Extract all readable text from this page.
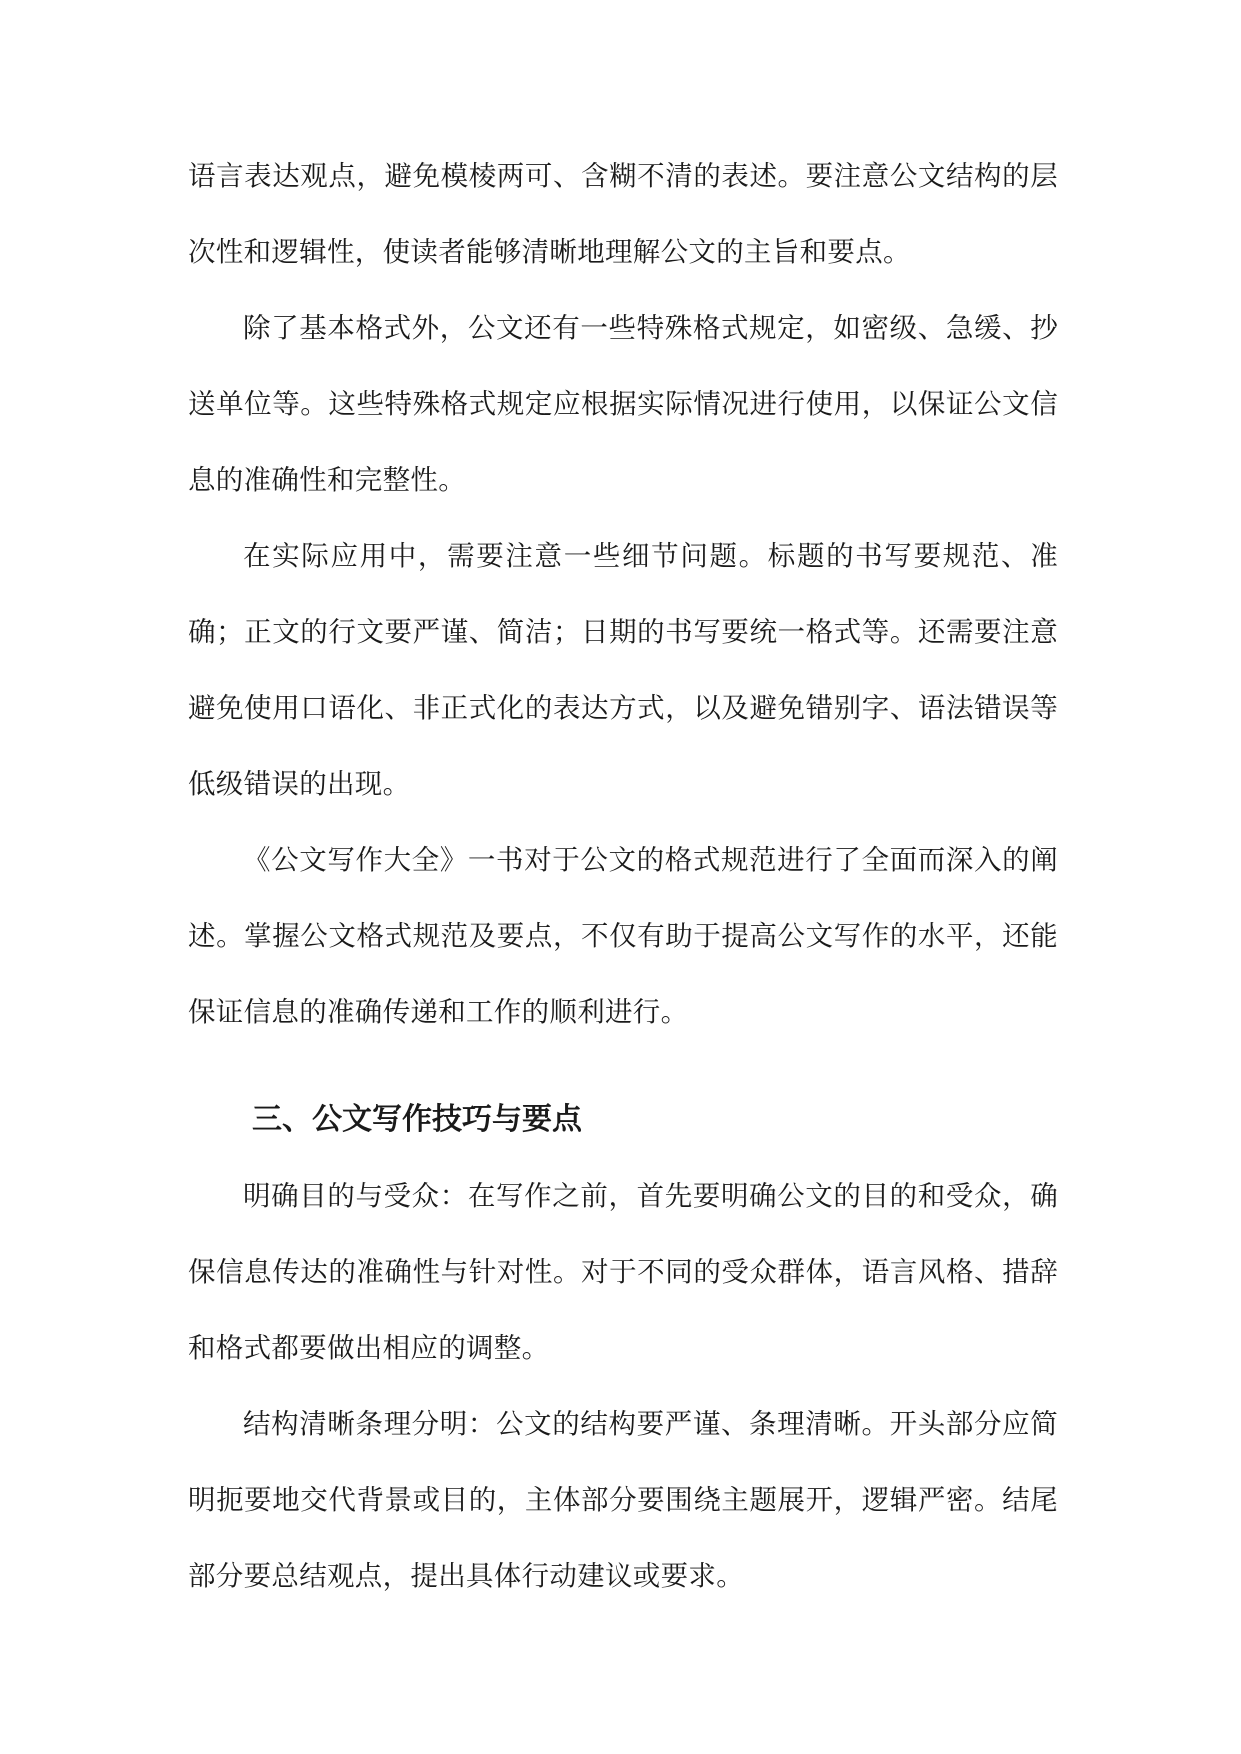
语言表达观点，避免模棱两可、含糊不清的表述。要注意公文结构的层次性和逻辑性，使读者能够清晰地理解公文的主旨和要点。

除了基本格式外，公文还有一些特殊格式规定，如密级、急缓、抄送单位等。这些特殊格式规定应根据实际情况进行使用，以保证公文信息的准确性和完整性。

在实际应用中，需要注意一些细节问题。标题的书写要规范、准确；正文的行文要严谨、简洁；日期的书写要统一格式等。还需要注意避免使用口语化、非正式化的表达方式，以及避免错别字、语法错误等低级错误的出现。

《公文写作大全》一书对于公文的格式规范进行了全面而深入的阐述。掌握公文格式规范及要点，不仅有助于提高公文写作的水平，还能保证信息的准确传递和工作的顺利进行。

三、公文写作技巧与要点

明确目的与受众：在写作之前，首先要明确公文的目的和受众，确保信息传达的准确性与针对性。对于不同的受众群体，语言风格、措辞和格式都要做出相应的调整。

结构清晰条理分明：公文的结构要严谨、条理清晰。开头部分应简明扼要地交代背景或目的，主体部分要围绕主题展开，逻辑严密。结尾部分要总结观点，提出具体行动建议或要求。
